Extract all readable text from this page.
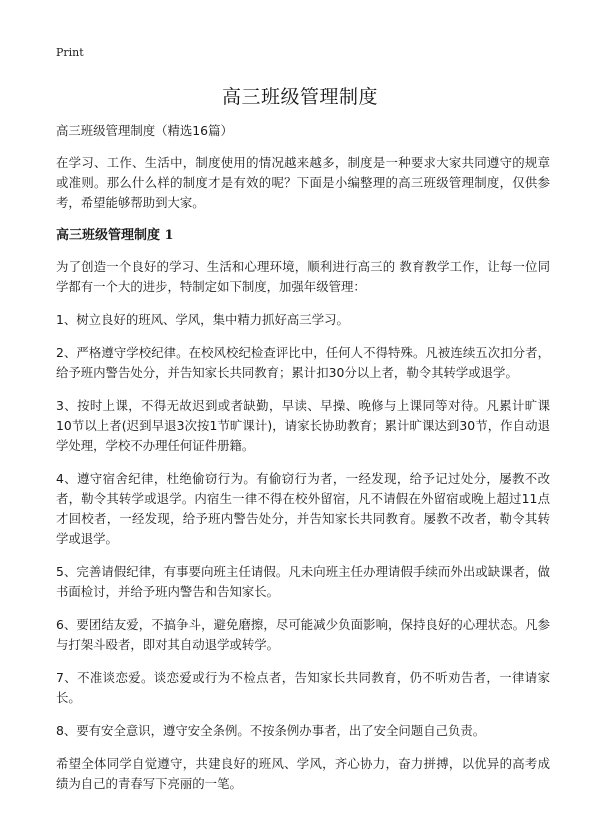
Print
高三班级管理制度

高三班级管理制度（精选16篇）

在学习、工作、生活中，制度使用的情况越来越多，制度是一种要求大家共同遵守的规章或准则。那么什么样的制度才是有效的呢？下面是小编整理的高三班级管理制度，仅供参考，希望能够帮助到大家。

高三班级管理制度 1

为了创造一个良好的学习、生活和心理环境，顺利进行高三的 教育教学工作，让每一位同学都有一个大的进步，特制定如下制度，加强年级管理：

1、树立良好的班风、学风，集中精力抓好高三学习。

2、严格遵守学校纪律。在校风校纪检查评比中，任何人不得特殊。凡被连续五次扣分者，给予班内警告处分，并告知家长共同教育；累计扣30分以上者，勒令其转学或退学。

3、按时上课，不得无故迟到或者缺勤，早读、早操、晚修与上课同等对待。凡累计旷课10节以上者(迟到早退3次按1节旷课计)，请家长协助教育；累计旷课达到30节，作自动退学处理，学校不办理任何证件册籍。

4、遵守宿舍纪律，杜绝偷窃行为。有偷窃行为者，一经发现，给予记过处分，屡教不改者，勒令其转学或退学。内宿生一律不得在校外留宿，凡不请假在外留宿或晚上超过11点才回校者，一经发现，给予班内警告处分，并告知家长共同教育。屡教不改者，勒令其转学或退学。

5、完善请假纪律，有事要向班主任请假。凡未向班主任办理请假手续而外出或缺课者，做书面检讨，并给予班内警告和告知家长。

6、要团结友爱，不搞争斗，避免磨擦，尽可能减少负面影响，保持良好的心理状态。凡参与打架斗殴者，即对其自动退学或转学。

7、不准谈恋爱。谈恋爱或行为不检点者，告知家长共同教育，仍不听劝告者，一律请家长。

8、要有安全意识，遵守安全条例。不按条例办事者，出了安全问题自己负责。

希望全体同学自觉遵守，共建良好的班风、学风，齐心协力，奋力拼搏，以优异的高考成绩为自己的青春写下亮丽的一笔。
